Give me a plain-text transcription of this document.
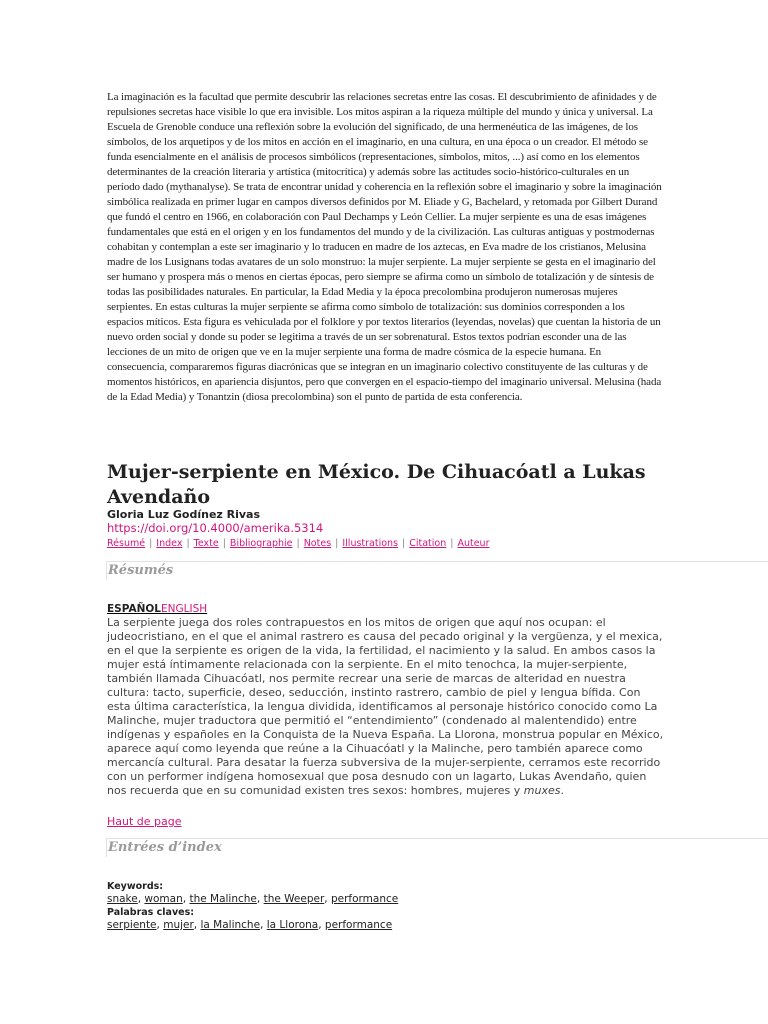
La imaginación es la facultad que permite descubrir las relaciones secretas entre las cosas. El descubrimiento de afinidades y de repulsiones secretas hace visible lo que era invisible. Los mitos aspiran a la riqueza múltiple del mundo y única y universal. La Escuela de Grenoble conduce una reflexión sobre la evolución del significado, de una hermenéutica de las imágenes, de los símbolos, de los arquetipos y de los mitos en acción en el imaginario, en una cultura, en una época o un creador. El método se funda esencialmente en el análisis de procesos simbólicos (representaciones, símbolos, mitos, ...) así como en los elementos determinantes de la creación literaria y artística (mitocrítica) y además sobre las actitudes socio-histórico-culturales en un período dado (mythanalyse). Se trata de encontrar unidad y coherencia en la reflexión sobre el imaginario y sobre la imaginación simbólica realizada en primer lugar en campos diversos definidos por M. Eliade y G, Bachelard, y retomada por Gilbert Durand que fundó el centro en 1966, en colaboración con Paul Dechamps y León Cellier. La mujer serpiente es una de esas imágenes fundamentales que está en el origen y en los fundamentos del mundo y de la civilización. Las culturas antiguas y postmodernas cohabitan y contemplan a este ser imaginario y lo traducen en madre de los aztecas, en Eva madre de los cristianos, Melusina madre de los Lusignans todas avatares de un solo monstruo: la mujer serpiente. La mujer serpiente se gesta en el imaginario del ser humano y prospera más o menos en ciertas épocas, pero siempre se afirma como un símbolo de totalización y de síntesis de todas las posibilidades naturales. En particular, la Edad Media y la época precolombina produjeron numerosas mujeres serpientes. En estas culturas la mujer serpiente se afirma como símbolo de totalización: sus dominios corresponden a los espacios míticos. Esta figura es vehiculada por el folklore y por textos literarios (leyendas, novelas) que cuentan la historia de un nuevo orden social y donde su poder se legitima a través de un ser sobrenatural. Estos textos podrían esconder una de las lecciones de un mito de origen que ve en la mujer serpiente una forma de madre cósmica de la especie humana. En consecuencia, compararemos figuras diacrónicas que se integran en un imaginario colectivo constituyente de las culturas y de momentos históricos, en apariencia disjuntos, pero que convergen en el espacio-tiempo del imaginario universal. Melusina (hada de la Edad Media) y Tonantzin (diosa precolombina) son el punto de partida de esta conferencia.

Mujer-serpiente en México. De Cihuacóatl a Lukas Avendaño

Gloria Luz Godínez Rivas

https://doi.org/10.4000/amerika.5314
Résumé | Index | Texte | Bibliographie | Notes | Illustrations | Citation | Auteur
Résumés
ESPAÑOLENGLISH

La serpiente juega dos roles contrapuestos en los mitos de origen que aquí nos ocupan: el judeocristiano, en el que el animal rastrero es causa del pecado original y la vergüenza, y el mexica, en el que la serpiente es origen de la vida, la fertilidad, el nacimiento y la salud. En ambos casos la mujer está íntimamente relacionada con la serpiente. En el mito tenochca, la mujer-serpiente, también llamada Cihuacóatl, nos permite recrear una serie de marcas de alteridad en nuestra cultura: tacto, superficie, deseo, seducción, instinto rastrero, cambio de piel y lengua bífida. Con esta última característica, la lengua dividida, identificamos al personaje histórico conocido como La Malinche, mujer traductora que permitió el “entendimiento” (condenado al malentendido) entre indígenas y españoles en la Conquista de la Nueva España. La Llorona, monstrua popular en México, aparece aquí como leyenda que reúne a la Cihuacóatl y la Malinche, pero también aparece como mercancía cultural. Para desatar la fuerza subversiva de la mujer-serpiente, cerramos este recorrido con un performer indígena homosexual que posa desnudo con un lagarto, Lukas Avendaño, quien nos recuerda que en su comunidad existen tres sexos: hombres, mujeres y muxes.

Haut de page
Entrées d’index
Keywords:
snake, woman, the Malinche, the Weeper, performance
Palabras claves:
serpiente, mujer, la Malinche, la Llorona, performance
